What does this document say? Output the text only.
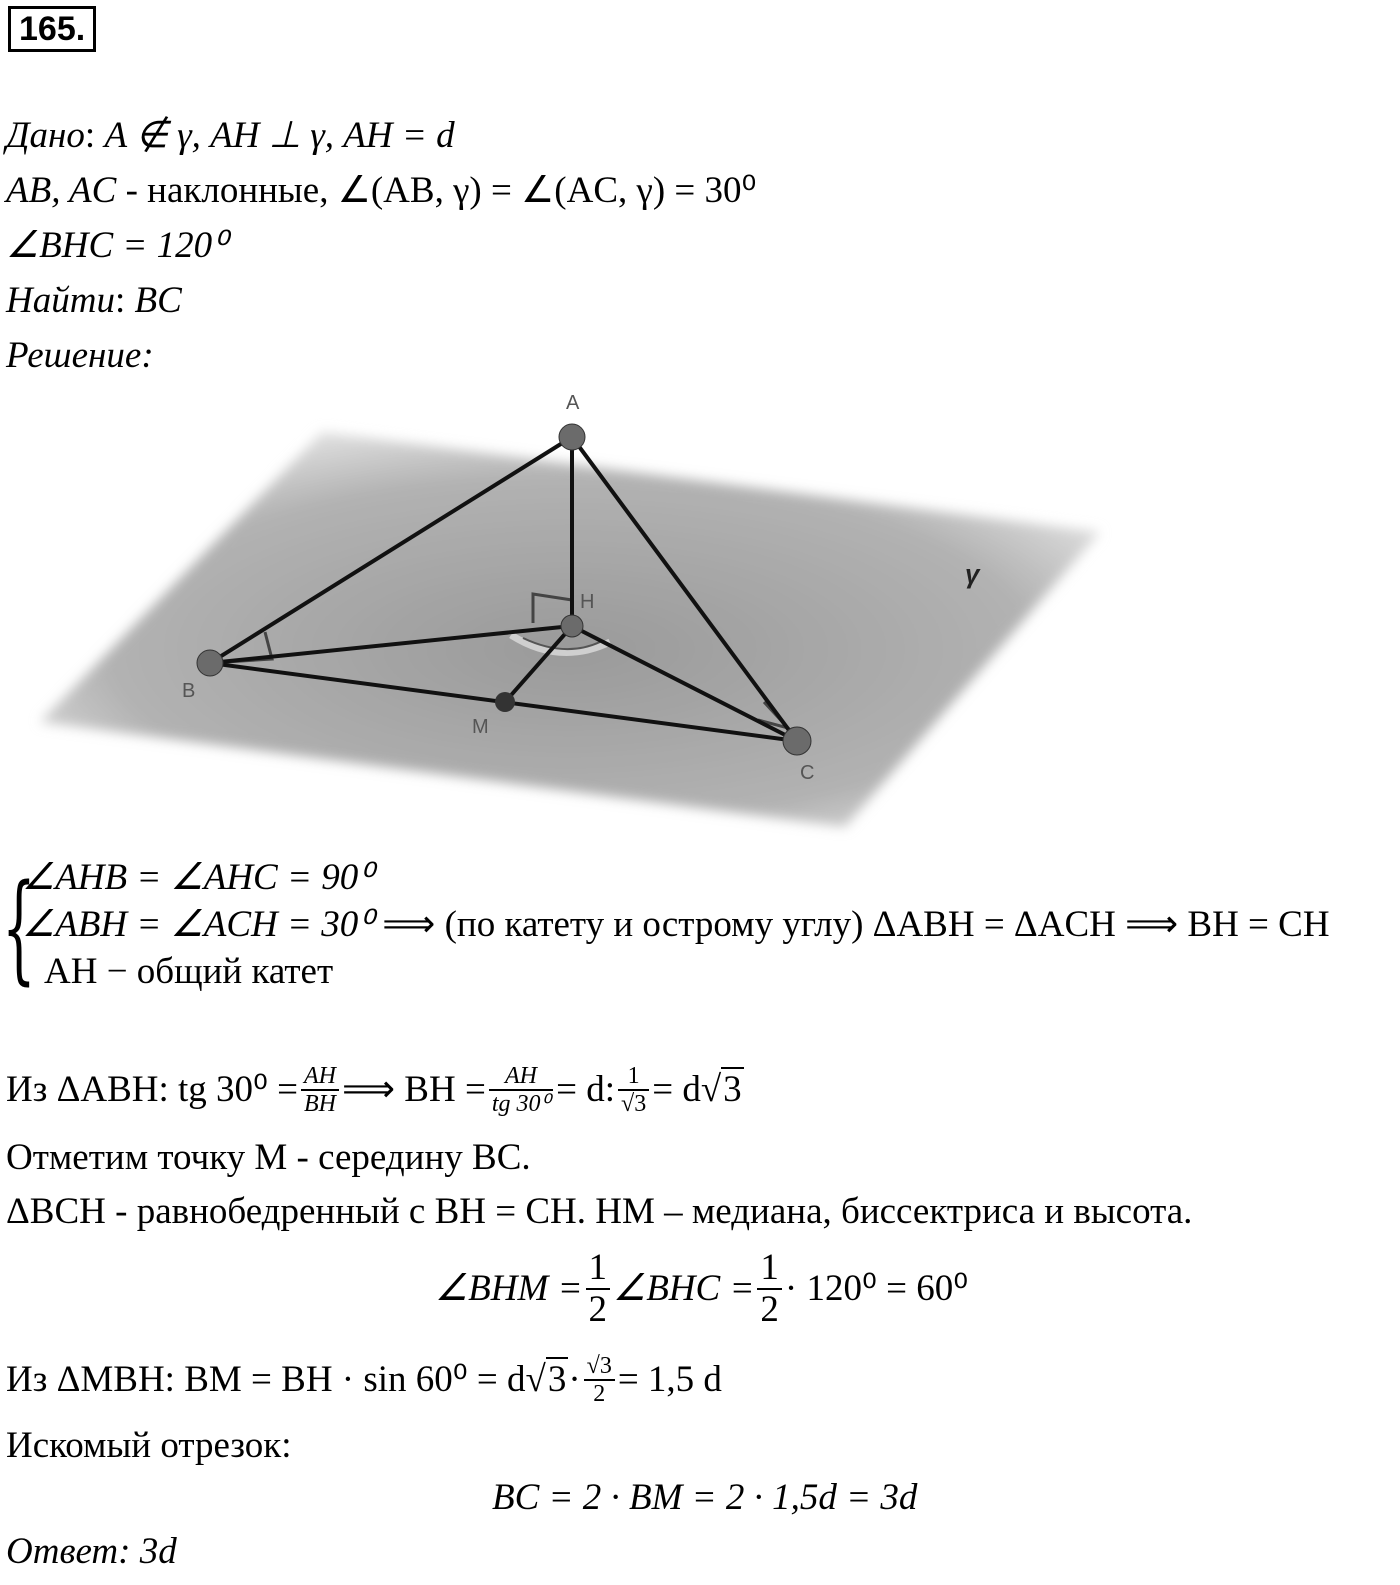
165.
Дано: A ∉ γ, AH ⊥ γ, AH = d
AB, AC - наклонные, ∠(AB, γ) = ∠(AC, γ) = 30⁰
∠BHC = 120⁰
Найти: BC
Решение:
γ
A
B
C
H
M
{
∠AHB = ∠AHC = 90⁰
∠ABH = ∠ACH = 30⁰ ⟹ (по катету и острому углу) ΔABH = ΔACH ⟹ BH = CH
AH − общий катет
Из ΔABH: tg $30^0 = \frac{AH}{BH}$ ⟹ BH = $\frac{AH}{\text{tg 30⁰}} = d$: $\frac{1}{√3} = d√$ 3
Отметим точку M - середину BC.
ΔBCH - равнобедренный с BH = CH. HM – медиана, биссектриса и высота.
∠BHM = $\frac{1}{2}$ ∠BHC = $\frac{1}{2} \cdot 120^0 = 60^0$
Из ΔMBH: BM = BH · sin 60⁰ = d√ $3 \cdot \frac{√3}{2} = 1,5$ d
Искомый отрезок:
BC = 2 · BM = 2 · 1,5d = 3d
Ответ: 3d
